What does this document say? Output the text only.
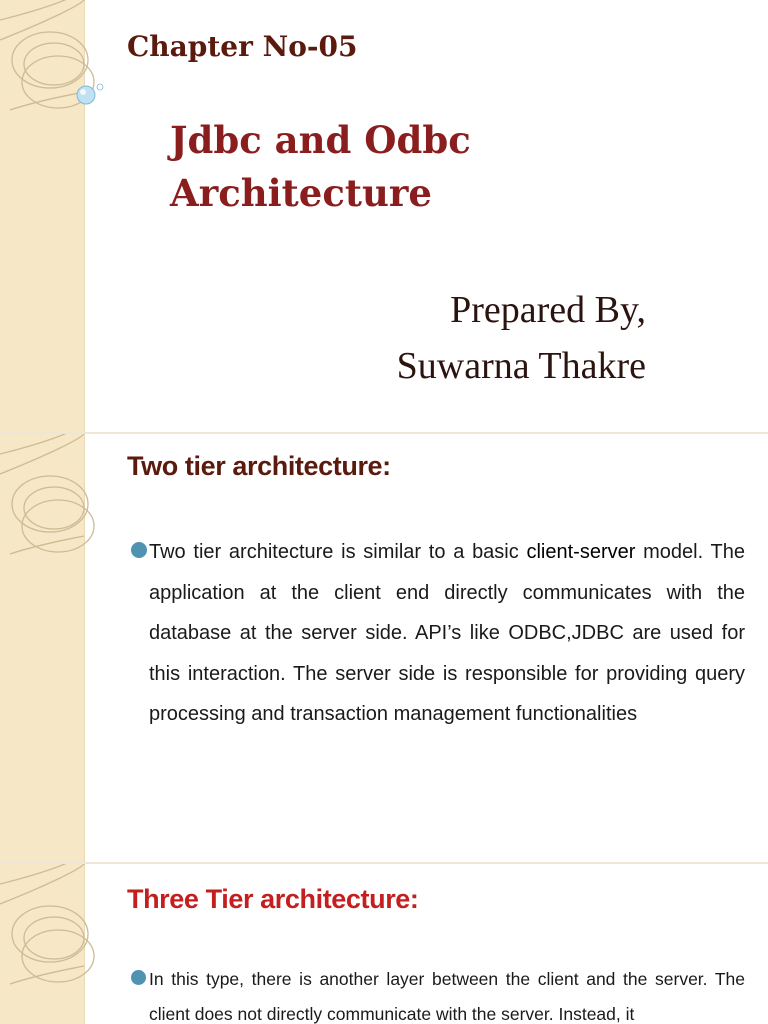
Chapter No-05
Jdbc and Odbc
Architecture
Prepared By,
Suwarna Thakre
Two tier architecture:

Two tier architecture is similar to a basic client-server model. The application at the client end directly communicates with the database at the server side. API’s like ODBC,JDBC are used for this interaction. The server side is responsible for providing query processing and transaction management functionalities

Three Tier architecture:

In this type, there is another layer between the client and the server. The client does not directly communicate with the server. Instead, it
